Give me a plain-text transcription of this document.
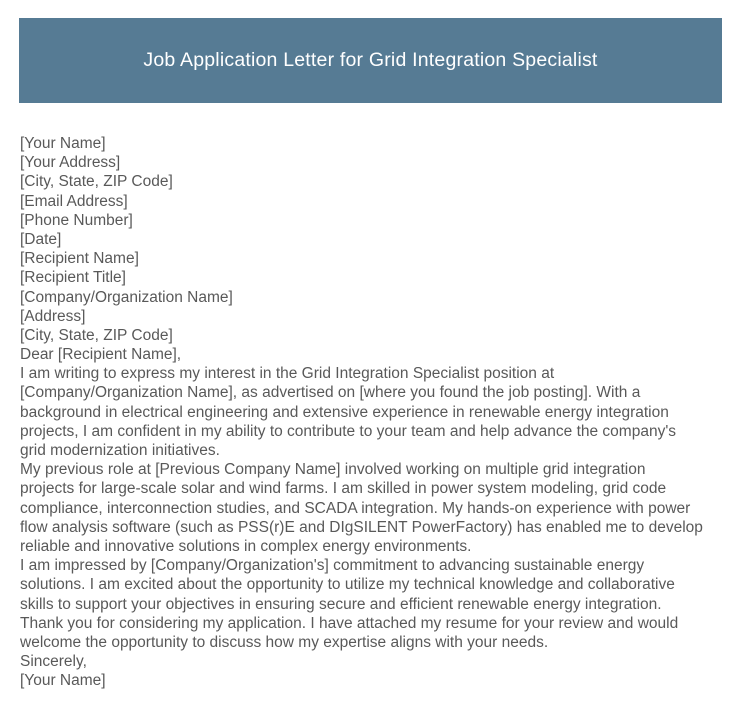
Job Application Letter for Grid Integration Specialist
[Your Name]
[Your Address]
[City, State, ZIP Code]
[Email Address]
[Phone Number]
[Date]
[Recipient Name]
[Recipient Title]
[Company/Organization Name]
[Address]
[City, State, ZIP Code]
Dear [Recipient Name],
I am writing to express my interest in the Grid Integration Specialist position at
[Company/Organization Name], as advertised on [where you found the job posting]. With a
background in electrical engineering and extensive experience in renewable energy integration
projects, I am confident in my ability to contribute to your team and help advance the company's
grid modernization initiatives.
My previous role at [Previous Company Name] involved working on multiple grid integration
projects for large-scale solar and wind farms. I am skilled in power system modeling, grid code
compliance, interconnection studies, and SCADA integration. My hands-on experience with power
flow analysis software (such as PSS(r)E and DIgSILENT PowerFactory) has enabled me to develop
reliable and innovative solutions in complex energy environments.
I am impressed by [Company/Organization's] commitment to advancing sustainable energy
solutions. I am excited about the opportunity to utilize my technical knowledge and collaborative
skills to support your objectives in ensuring secure and efficient renewable energy integration.
Thank you for considering my application. I have attached my resume for your review and would
welcome the opportunity to discuss how my expertise aligns with your needs.
Sincerely,
[Your Name]
